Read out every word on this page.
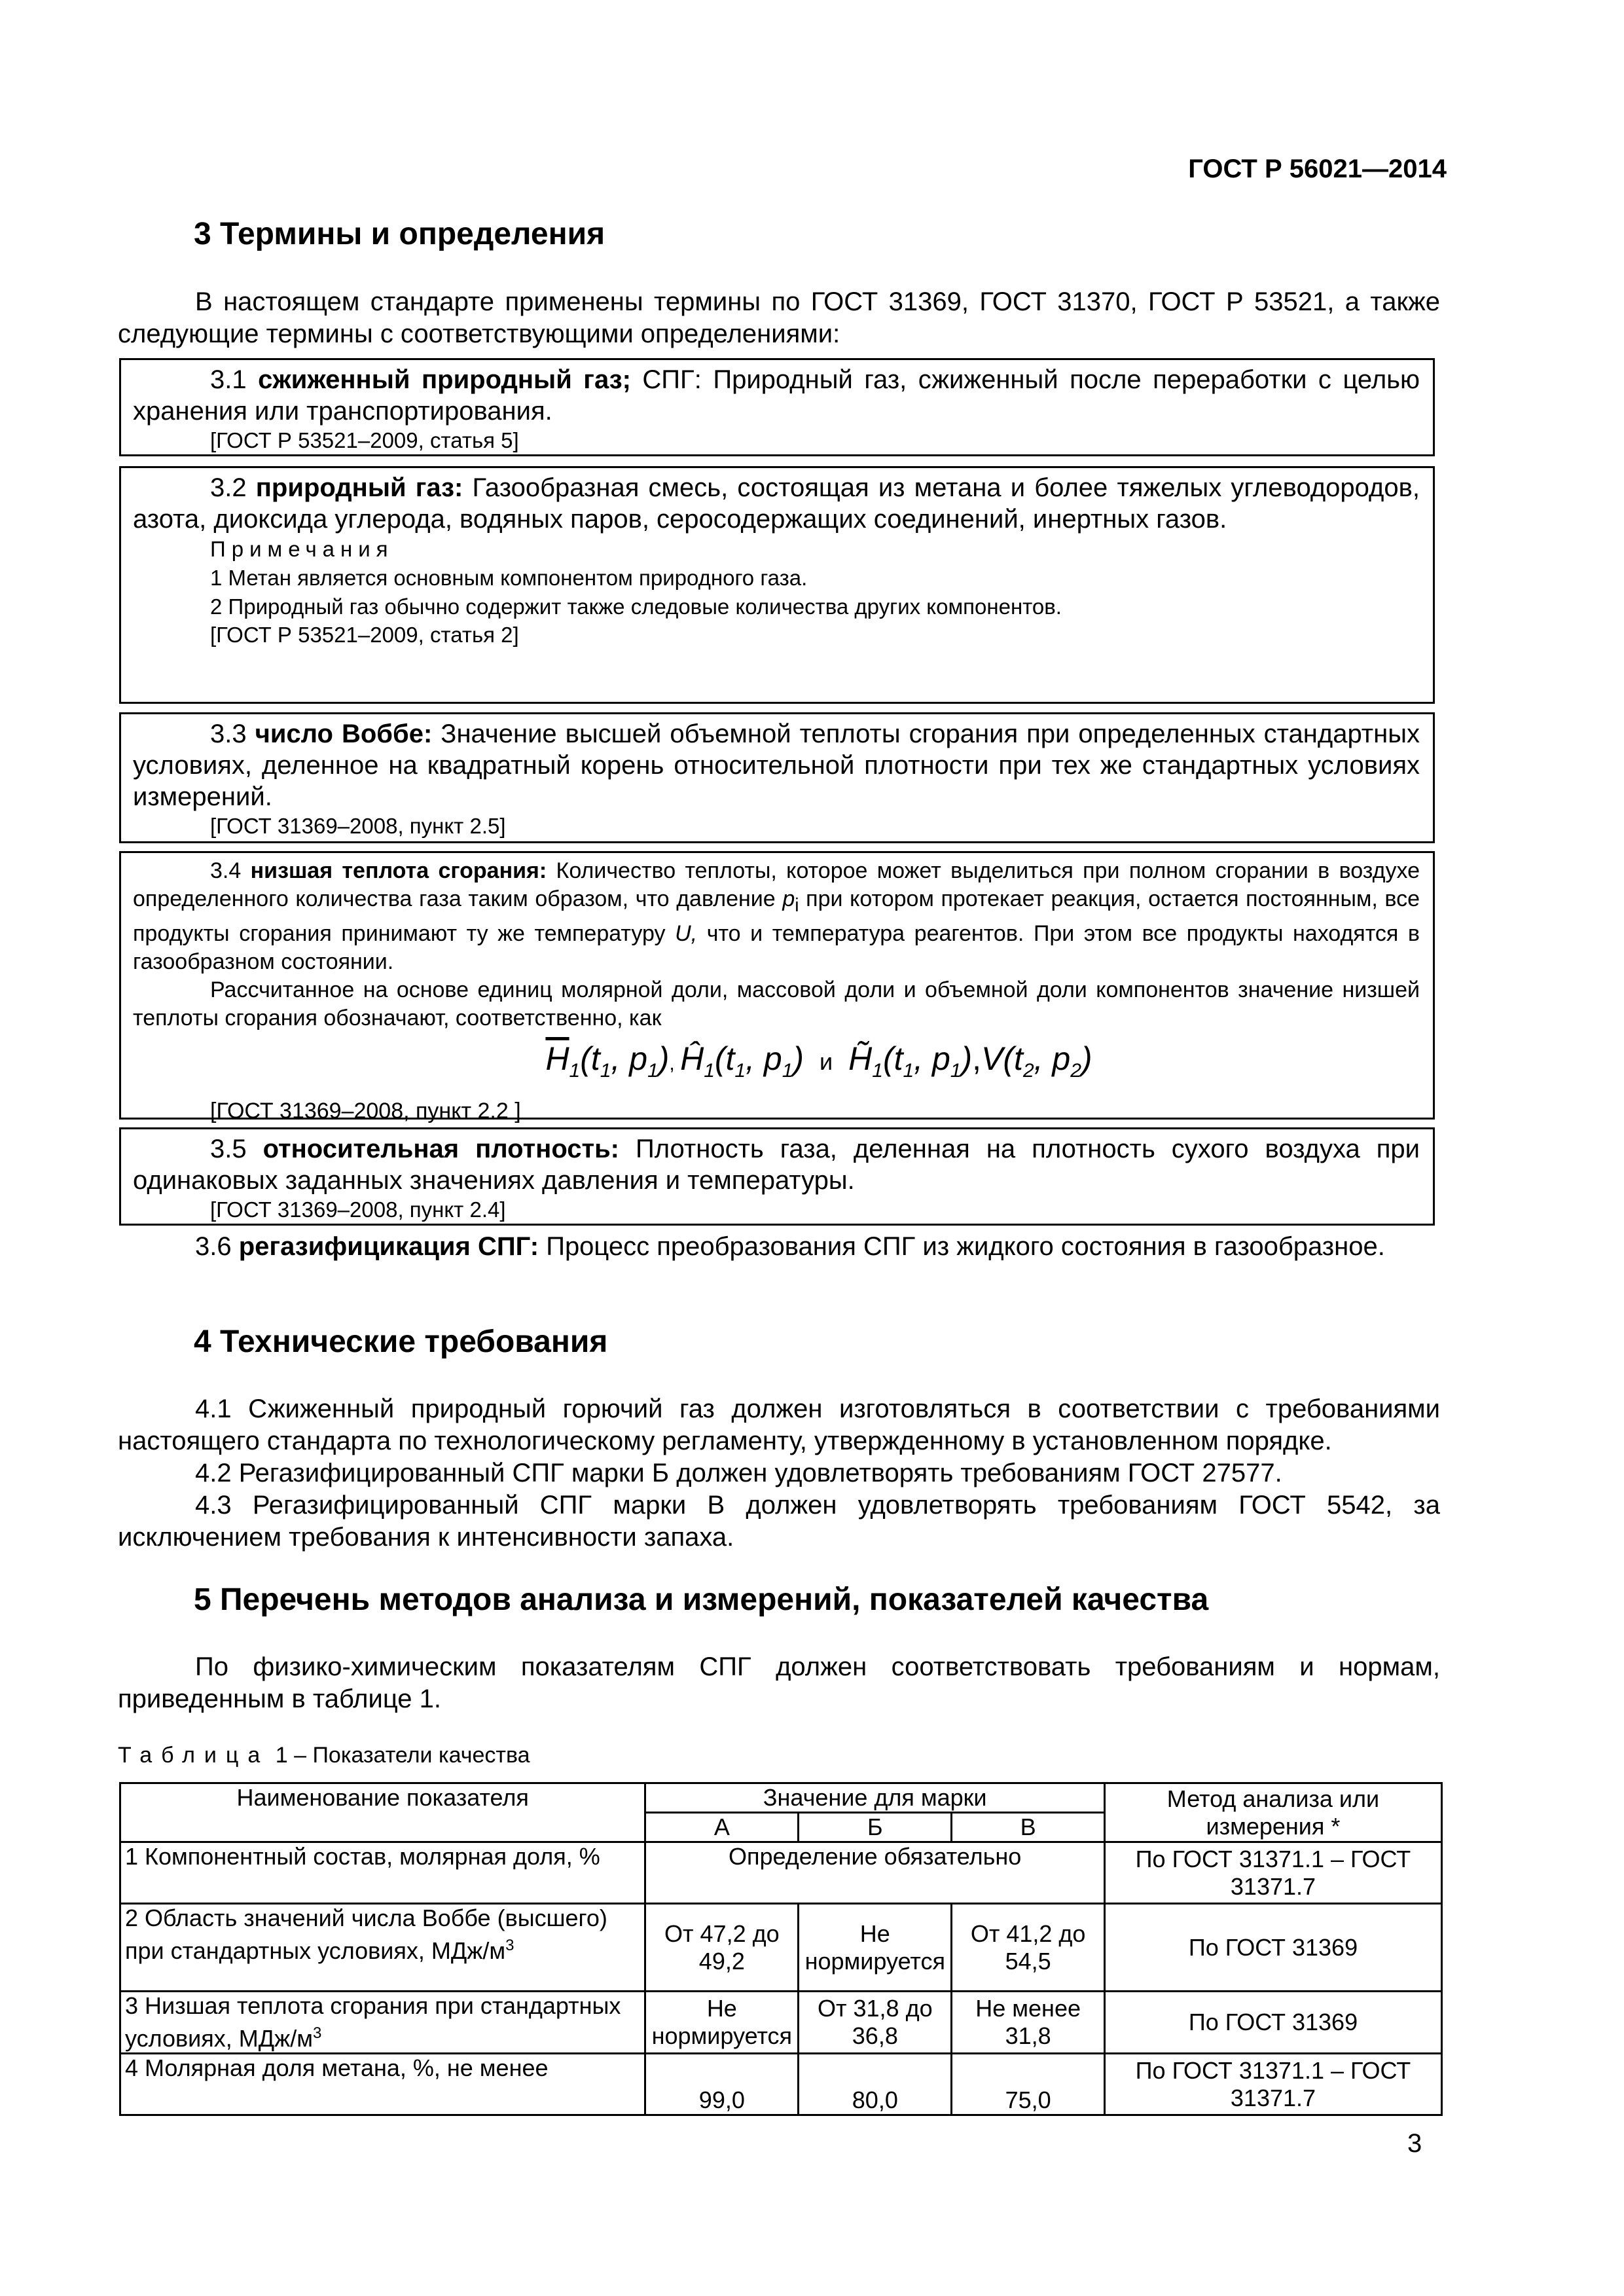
ГОСТ Р 56021—2014
3 Термины и определения
В настоящем стандарте применены термины по ГОСТ 31369, ГОСТ 31370, ГОСТ Р 53521, а также следующие термины с соответствующими определениями:

3.1 сжиженный природный газ; СПГ: Природный газ, сжиженный после переработки с целью хранения или транспортирования.

[ГОСТ Р 53521–2009, статья 5]

3.2 природный газ: Газообразная смесь, состоящая из метана и более тяжелых углеводородов, азота, диоксида углерода, водяных паров, серосодержащих соединений, инертных газов.

Примечания

1 Метан является основным компонентом природного газа.

2 Природный газ обычно содержит также следовые количества других компонентов.

[ГОСТ Р 53521–2009, статья 2]

3.3 число Воббе: Значение высшей объемной теплоты сгорания при определенных стандартных условиях, деленное на квадратный корень относительной плотности при тех же стандартных условиях измерений.

[ГОСТ 31369–2008, пункт 2.5]

3.4 низшая теплота сгорания: Количество теплоты, которое может выделиться при полном сгорании в воздухе определенного количества газа таким образом, что давление $p_i$ при котором протекает реакция, остается постоянным, все продукты сгорания принимают ту же температуру U, что и температура реагентов. При этом все продукты находятся в газообразном состоянии.

Рассчитанное на основе единиц молярной доли, массовой доли и объемной доли компонентов значение низшей теплоты сгорания обозначают, соответственно, как

$\overline{H}_1(t_1$, $p_1$), $Ĥ_1(t_1$, $p_1$) и $H̃_1(t_1$, $p_1),V(t_2$, $p_2$)

[ГОСТ 31369–2008, пункт 2.2 ]

3.5 относительная плотность: Плотность газа, деленная на плотность сухого воздуха при одинаковых заданных значениях давления и температуры.

[ГОСТ 31369–2008, пункт 2.4]

3.6 регазифицикация СПГ: Процесс преобразования СПГ из жидкого состояния в газообразное.
4 Технические требования
4.1 Сжиженный природный горючий газ должен изготовляться в соответствии с требованиями настоящего стандарта по технологическому регламенту, утвержденному в установленном порядке.
4.2 Регазифицированный СПГ марки Б должен удовлетворять требованиям ГОСТ 27577.
4.3 Регазифицированный СПГ марки В должен удовлетворять требованиям ГОСТ 5542, за исключением требования к интенсивности запаха.
5 Перечень методов анализа и измерений, показателей качества
По физико-химическим показателям СПГ должен соответствовать требованиям и нормам, приведенным в таблице 1.
Таблица 1 – Показатели качества
Наименование показателя	Значение для марки			Метод анализа или измерения *
	А	Б	В	
1 Компонентный состав, молярная доля, %	Определение обязательно			По ГОСТ 31371.1 – ГОСТ 31371.7
2 Область значений числа Воббе (высшего) при стандартных условиях, МДж/$м^3$	От 47,2 до 49,2	Не нормируется	От 41,2 до 54,5	По ГОСТ 31369
3 Низшая теплота сгорания при стандартных условиях, МДж/$м^3$	Не нормируется	От 31,8 до 36,8	Не менее 31,8	По ГОСТ 31369
4 Молярная доля метана, %, не менее	99,0	80,0	75,0	По ГОСТ 31371.1 – ГОСТ 31371.7
3
